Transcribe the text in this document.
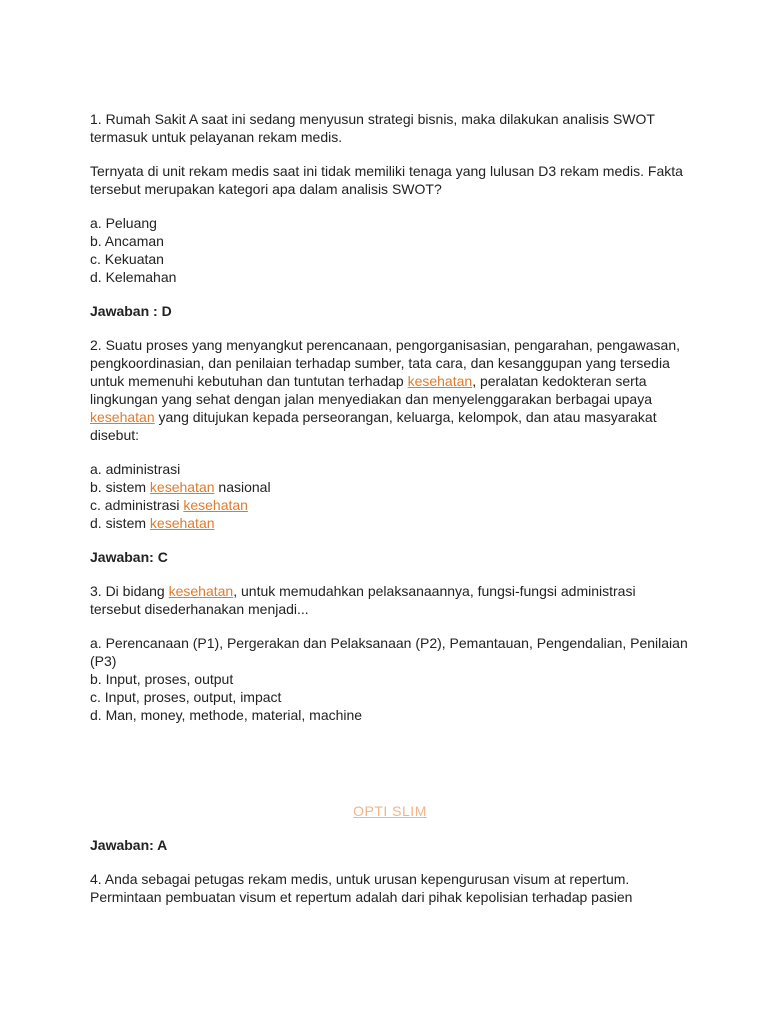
1. Rumah Sakit A saat ini sedang menyusun strategi bisnis, maka dilakukan analisis SWOT termasuk untuk pelayanan rekam medis.

Ternyata di unit rekam medis saat ini tidak memiliki tenaga yang lulusan D3 rekam medis. Fakta tersebut merupakan kategori apa dalam analisis SWOT?

a. Peluang
b. Ancaman
c. Kekuatan
d. Kelemahan
Jawaban : D

2. Suatu proses yang menyangkut perencanaan, pengorganisasian, pengarahan, pengawasan, pengkoordinasian, dan penilaian terhadap sumber, tata cara, dan kesanggupan yang tersedia untuk memenuhi kebutuhan dan tuntutan terhadap kesehatan, peralatan kedokteran serta lingkungan yang sehat dengan jalan menyediakan dan menyelenggarakan berbagai upaya kesehatan yang ditujukan kepada perseorangan, keluarga, kelompok, dan atau masyarakat disebut:

a. administrasi
b. sistem kesehatan nasional
c. administrasi kesehatan
d. sistem kesehatan
Jawaban: C

3. Di bidang kesehatan, untuk memudahkan pelaksanaannya, fungsi-fungsi administrasi tersebut disederhanakan menjadi...

a. Perencanaan (P1), Pergerakan dan Pelaksanaan (P2), Pemantauan, Pengendalian, Penilaian (P3)
b. Input, proses, output
c. Input, proses, output, impact
d. Man, money, methode, material, machine
OPTI SLIM
Jawaban: A

4. Anda sebagai petugas rekam medis, untuk urusan kepengurusan visum at repertum. Permintaan pembuatan visum et repertum adalah dari pihak kepolisian terhadap pasien
